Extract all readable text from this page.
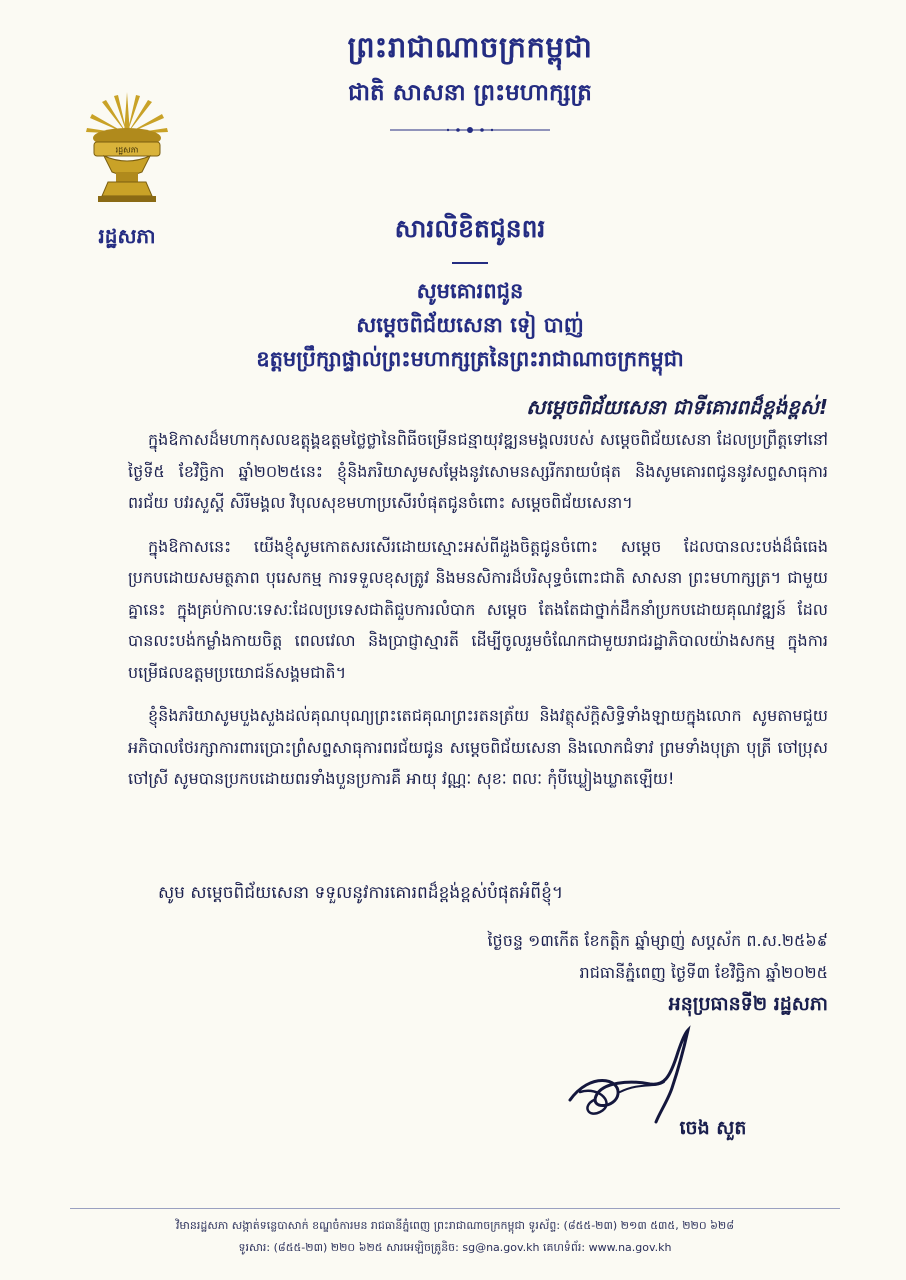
រដ្ឋសភា
រដ្ឋសភា
ព្រះរាជាណាចក្រកម្ពុជា
ជាតិ សាសនា ព្រះមហាក្សត្រ
សារលិខិតជូនពរ
សូមគោរពជូន
សម្តេចពិជ័យសេនា ទៀ បាញ់
ឧត្តមប្រឹក្សាផ្ទាល់ព្រះមហាក្សត្រនៃព្រះរាជាណាចក្រកម្ពុជា
សម្តេចពិជ័យសេនា ជាទីគោរពដ៏ខ្ពង់ខ្ពស់!

ក្នុងឱកាសដ៏មហាកុសលឧត្តុង្គឧត្តមថ្លៃថ្លានៃពិធីចម្រើនជន្មាយុវឌ្ឍនមង្គលរបស់ សម្តេចពិជ័យសេនា ដែលប្រព្រឹត្តទៅនៅថ្ងៃទី៥ ខែវិច្ឆិកា ឆ្នាំ២០២៥នេះ ខ្ញុំនិងភរិយាសូមសម្តែងនូវសោមនស្សរីករាយបំផុត និងសូមគោរពជូននូវសព្ទសាធុការពរជ័យ បវរសួស្តី សិរីមង្គល វិបុលសុខមហាប្រសើរបំផុតជូនចំពោះ សម្តេចពិជ័យសេនា។

ក្នុងឱកាសនេះ យើងខ្ញុំសូមកោតសរសើរដោយស្មោះអស់ពីដួងចិត្តជូនចំពោះ សម្តេច ដែលបានលះបង់ដ៏ធំធេង ប្រកបដោយសមត្ថភាព បុរេសកម្ម ការទទួលខុសត្រូវ និងមនសិការដ៏បរិសុទ្ធចំពោះជាតិ សាសនា ព្រះមហាក្សត្រ។ ជាមួយគ្នានេះ ក្នុងគ្រប់កាលៈទេសៈដែលប្រទេសជាតិជួបការលំបាក សម្តេច តែងតែជាថ្នាក់ដឹកនាំប្រកបដោយគុណវឌ្ឍន៍ ដែលបានលះបង់កម្លាំងកាយចិត្ត ពេលវេលា និងប្រាជ្ញាស្មារតី ដើម្បីចូលរួមចំណែកជាមួយរាជរដ្ឋាភិបាលយ៉ាងសកម្ម ក្នុងការបម្រើផលឧត្តមប្រយោជន៍សង្គមជាតិ។

ខ្ញុំនិងភរិយាសូមបួងសួងដល់គុណបុណ្យព្រះតេជគុណព្រះរតនត្រ័យ និងវត្ថុស័ក្តិសិទ្ធិទាំងឡាយក្នុងលោក សូមតាមជួយអភិបាលថែរក្សាការពារប្រោះព្រំសព្ទសាធុការពរជ័យជូន សម្តេចពិជ័យសេនា និងលោកជំទាវ ព្រមទាំងបុត្រា បុត្រី ចៅប្រុស ចៅស្រី សូមបានប្រកបដោយពរទាំងបួនប្រការគឺ អាយុ វណ្ណៈ សុខៈ ពលៈ កុំបីឃ្លៀងឃ្លាតឡើយ!

សូម សម្តេចពិជ័យសេនា ទទួលនូវការគោរពដ៏ខ្ពង់ខ្ពស់បំផុតអំពីខ្ញុំ។
ថ្ងៃចន្ទ ១៣កើត ខែកត្តិក ឆ្នាំម្សាញ់ សប្តស័ក ព.ស.២៥៦៩
រាជធានីភ្នំពេញ ថ្ងៃទី៣ ខែវិច្ឆិកា ឆ្នាំ២០២៥
អនុប្រធានទី២ រដ្ឋសភា
ចេង សួត
វិមានរដ្ឋសភា សង្កាត់ទន្លេបាសាក់ ខណ្ឌចំការមន រាជធានីភ្នំពេញ ព្រះរាជាណាចក្រកម្ពុជា ទូរស័ព្ទ: (៨៥៥-២៣) ២១៣ ៥៣៥, ២២០ ៦២៨
ទូរសារ: (៨៥៥-២៣) ២២០ ៦២៥ សារអេឡិចត្រូនិច: sg@na.gov.kh គេហទំព័រ: www.na.gov.kh
